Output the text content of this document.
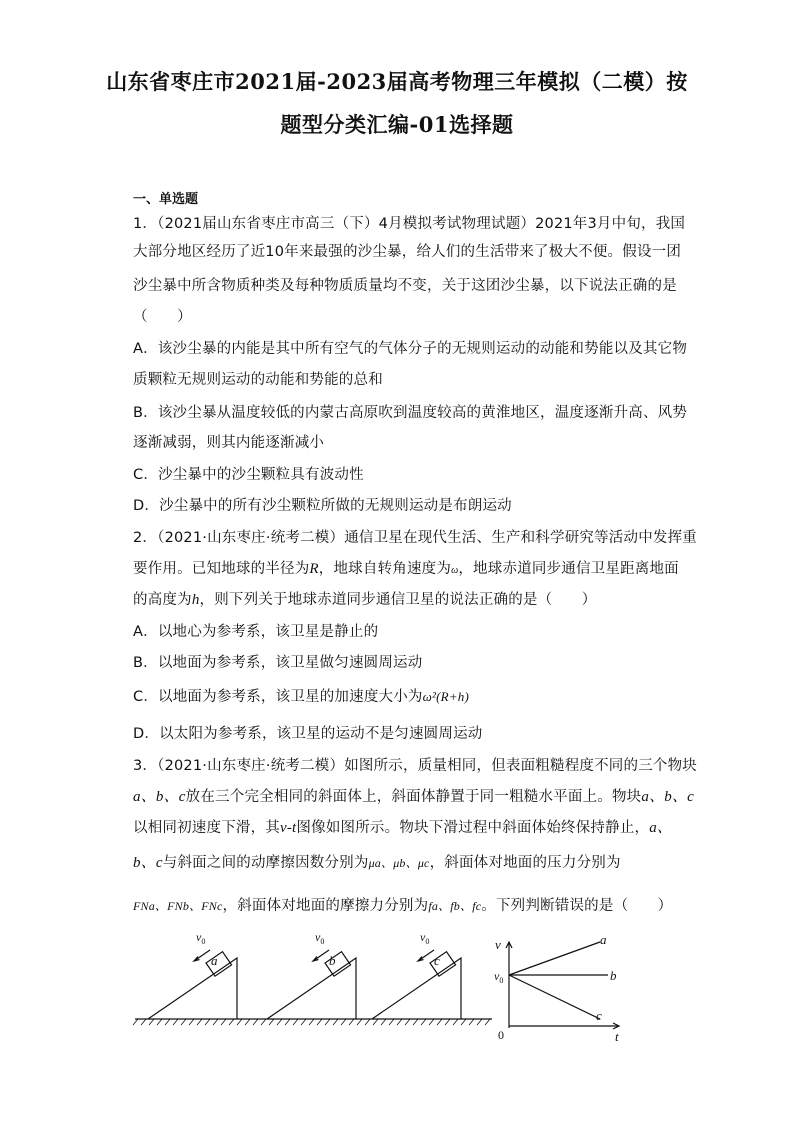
山东省枣庄市2021届-2023届高考物理三年模拟（二模）按
题型分类汇编-01选择题
一、单选题
1．（2021届山东省枣庄市高三（下）4月模拟考试物理试题）2021年3月中旬，我国
大部分地区经历了近10年来最强的沙尘暴，给人们的生活带来了极大不便。假设一团
沙尘暴中所含物质种类及每种物质质量均不变，关于这团沙尘暴，以下说法正确的是
（　　）
A．该沙尘暴的内能是其中所有空气的气体分子的无规则运动的动能和势能以及其它物
质颗粒无规则运动的动能和势能的总和
B．该沙尘暴从温度较低的内蒙古高原吹到温度较高的黄淮地区，温度逐渐升高、风势
逐渐减弱，则其内能逐渐减小
C．沙尘暴中的沙尘颗粒具有波动性
D．沙尘暴中的所有沙尘颗粒所做的无规则运动是布朗运动
2．（2021·山东枣庄·统考二模）通信卫星在现代生活、生产和科学研究等活动中发挥重
要作用。已知地球的半径为R，地球自转角速度为ω，地球赤道同步通信卫星距离地面
的高度为h，则下列关于地球赤道同步通信卫星的说法正确的是（　　）
A．以地心为参考系，该卫星是静止的
B．以地面为参考系，该卫星做匀速圆周运动
C．以地面为参考系，该卫星的加速度大小为ω²(R+h)
D．以太阳为参考系，该卫星的运动不是匀速圆周运动
3．（2021·山东枣庄·统考二模）如图所示，质量相同，但表面粗糙程度不同的三个物块
a、b、c放在三个完全相同的斜面体上，斜面体静置于同一粗糙水平面上。物块a、b、c
以相同初速度下滑，其v-t图像如图所示。物块下滑过程中斜面体始终保持静止，a、
b、c与斜面之间的动摩擦因数分别为μa、μb、μc，斜面体对地面的压力分别为
FNa、FNb、FNc，斜面体对地面的摩擦力分别为fa、fb、fc。下列判断错误的是（　　）
$v_0$	$v_0$	$v_0$
a	b	c
v
t
0
$v_0$
a
b
c
